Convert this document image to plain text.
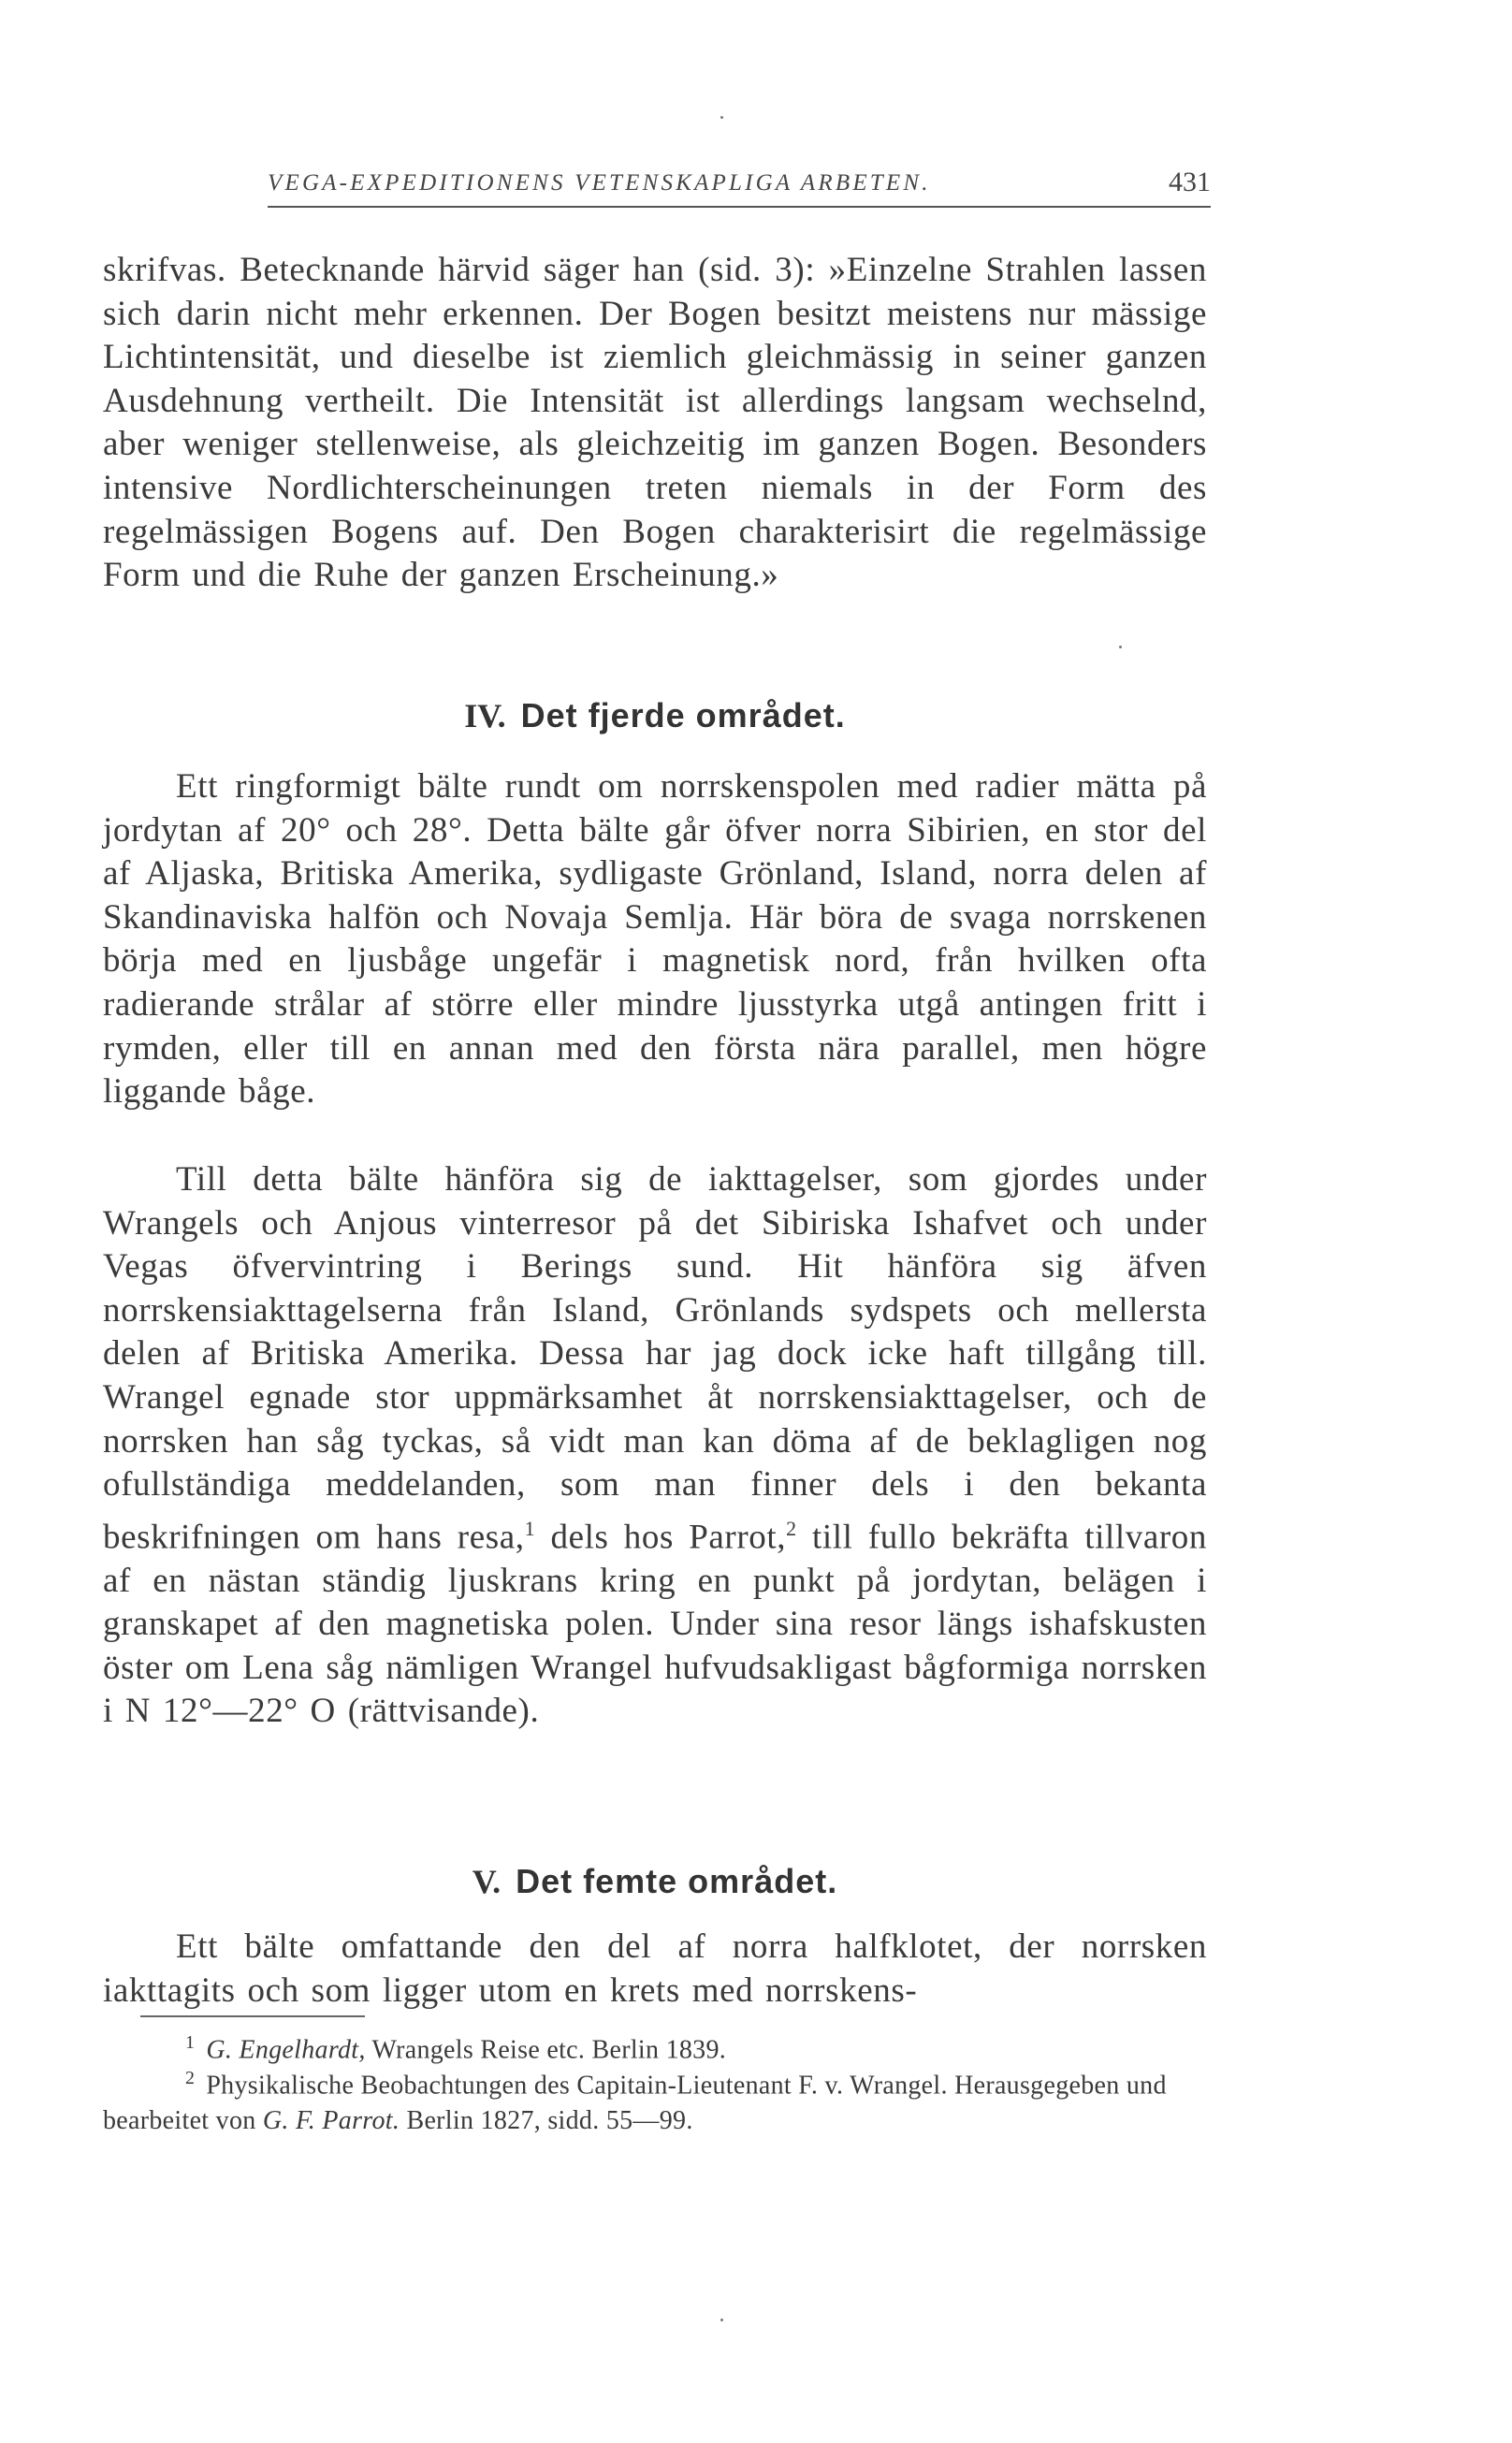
VEGA-EXPEDITIONENS VETENSKAPLIGA ARBETEN.	431

skrifvas. Betecknande härvid säger han (sid. 3): »Einzelne Strahlen lassen sich darin nicht mehr erkennen. Der Bogen besitzt meistens nur mässige Lichtintensität, und dieselbe ist ziemlich gleichmässig in seiner ganzen Ausdehnung vertheilt. Die Intensität ist allerdings langsam wechselnd, aber weniger stellenweise, als gleichzeitig im ganzen Bogen. Besonders intensive Nordlichterscheinungen treten niemals in der Form des regelmässigen Bogens auf. Den Bogen charakterisirt die regelmässige Form und die Ruhe der ganzen Erscheinung.»

IV. Det fjerde området.

Ett ringformigt bälte rundt om norrskenspolen med radier mätta på jordytan af 20° och 28°. Detta bälte går öfver norra Sibirien, en stor del af Aljaska, Britiska Amerika, sydligaste Grönland, Island, norra delen af Skandinaviska halfön och Novaja Semlja. Här böra de svaga norrskenen börja med en ljusbåge ungefär i magnetisk nord, från hvilken ofta radierande strålar af större eller mindre ljusstyrka utgå antingen fritt i rymden, eller till en annan med den första nära parallel, men högre liggande båge.

Till detta bälte hänföra sig de iakttagelser, som gjordes under Wrangels och Anjous vinterresor på det Sibiriska Ishafvet och under Vegas öfvervintring i Berings sund. Hit hänföra sig äfven norrskensiakttagelserna från Island, Grönlands sydspets och mellersta delen af Britiska Amerika. Dessa har jag dock icke haft tillgång till. Wrangel egnade stor uppmärksamhet åt norrskensiakttagelser, och de norrsken han såg tyckas, så vidt man kan döma af de beklagligen nog ofullständiga meddelanden, som man finner dels i den bekanta beskrifningen om hans resa,$^1$ dels hos Parrot,$^2$ till fullo bekräfta tillvaron af en nästan ständig ljuskrans kring en punkt på jordytan, belägen i granskapet af den magnetiska polen. Under sina resor längs ishafskusten öster om Lena såg nämligen Wrangel hufvudsakligast bågformiga norrsken i N 12°—22° O (rättvisande).

V. Det femte området.

Ett bälte omfattande den del af norra halfklotet, der norrsken iakttagits och som ligger utom en krets med norrskens-

$^1$ G. Engelhardt, Wrangels Reise etc. Berlin 1839.

$^2$ Physikalische Beobachtungen des Capitain-Lieutenant F. v. Wrangel. Herausgegeben und bearbeitet von G. F. Parrot. Berlin 1827, sidd. 55—99.
